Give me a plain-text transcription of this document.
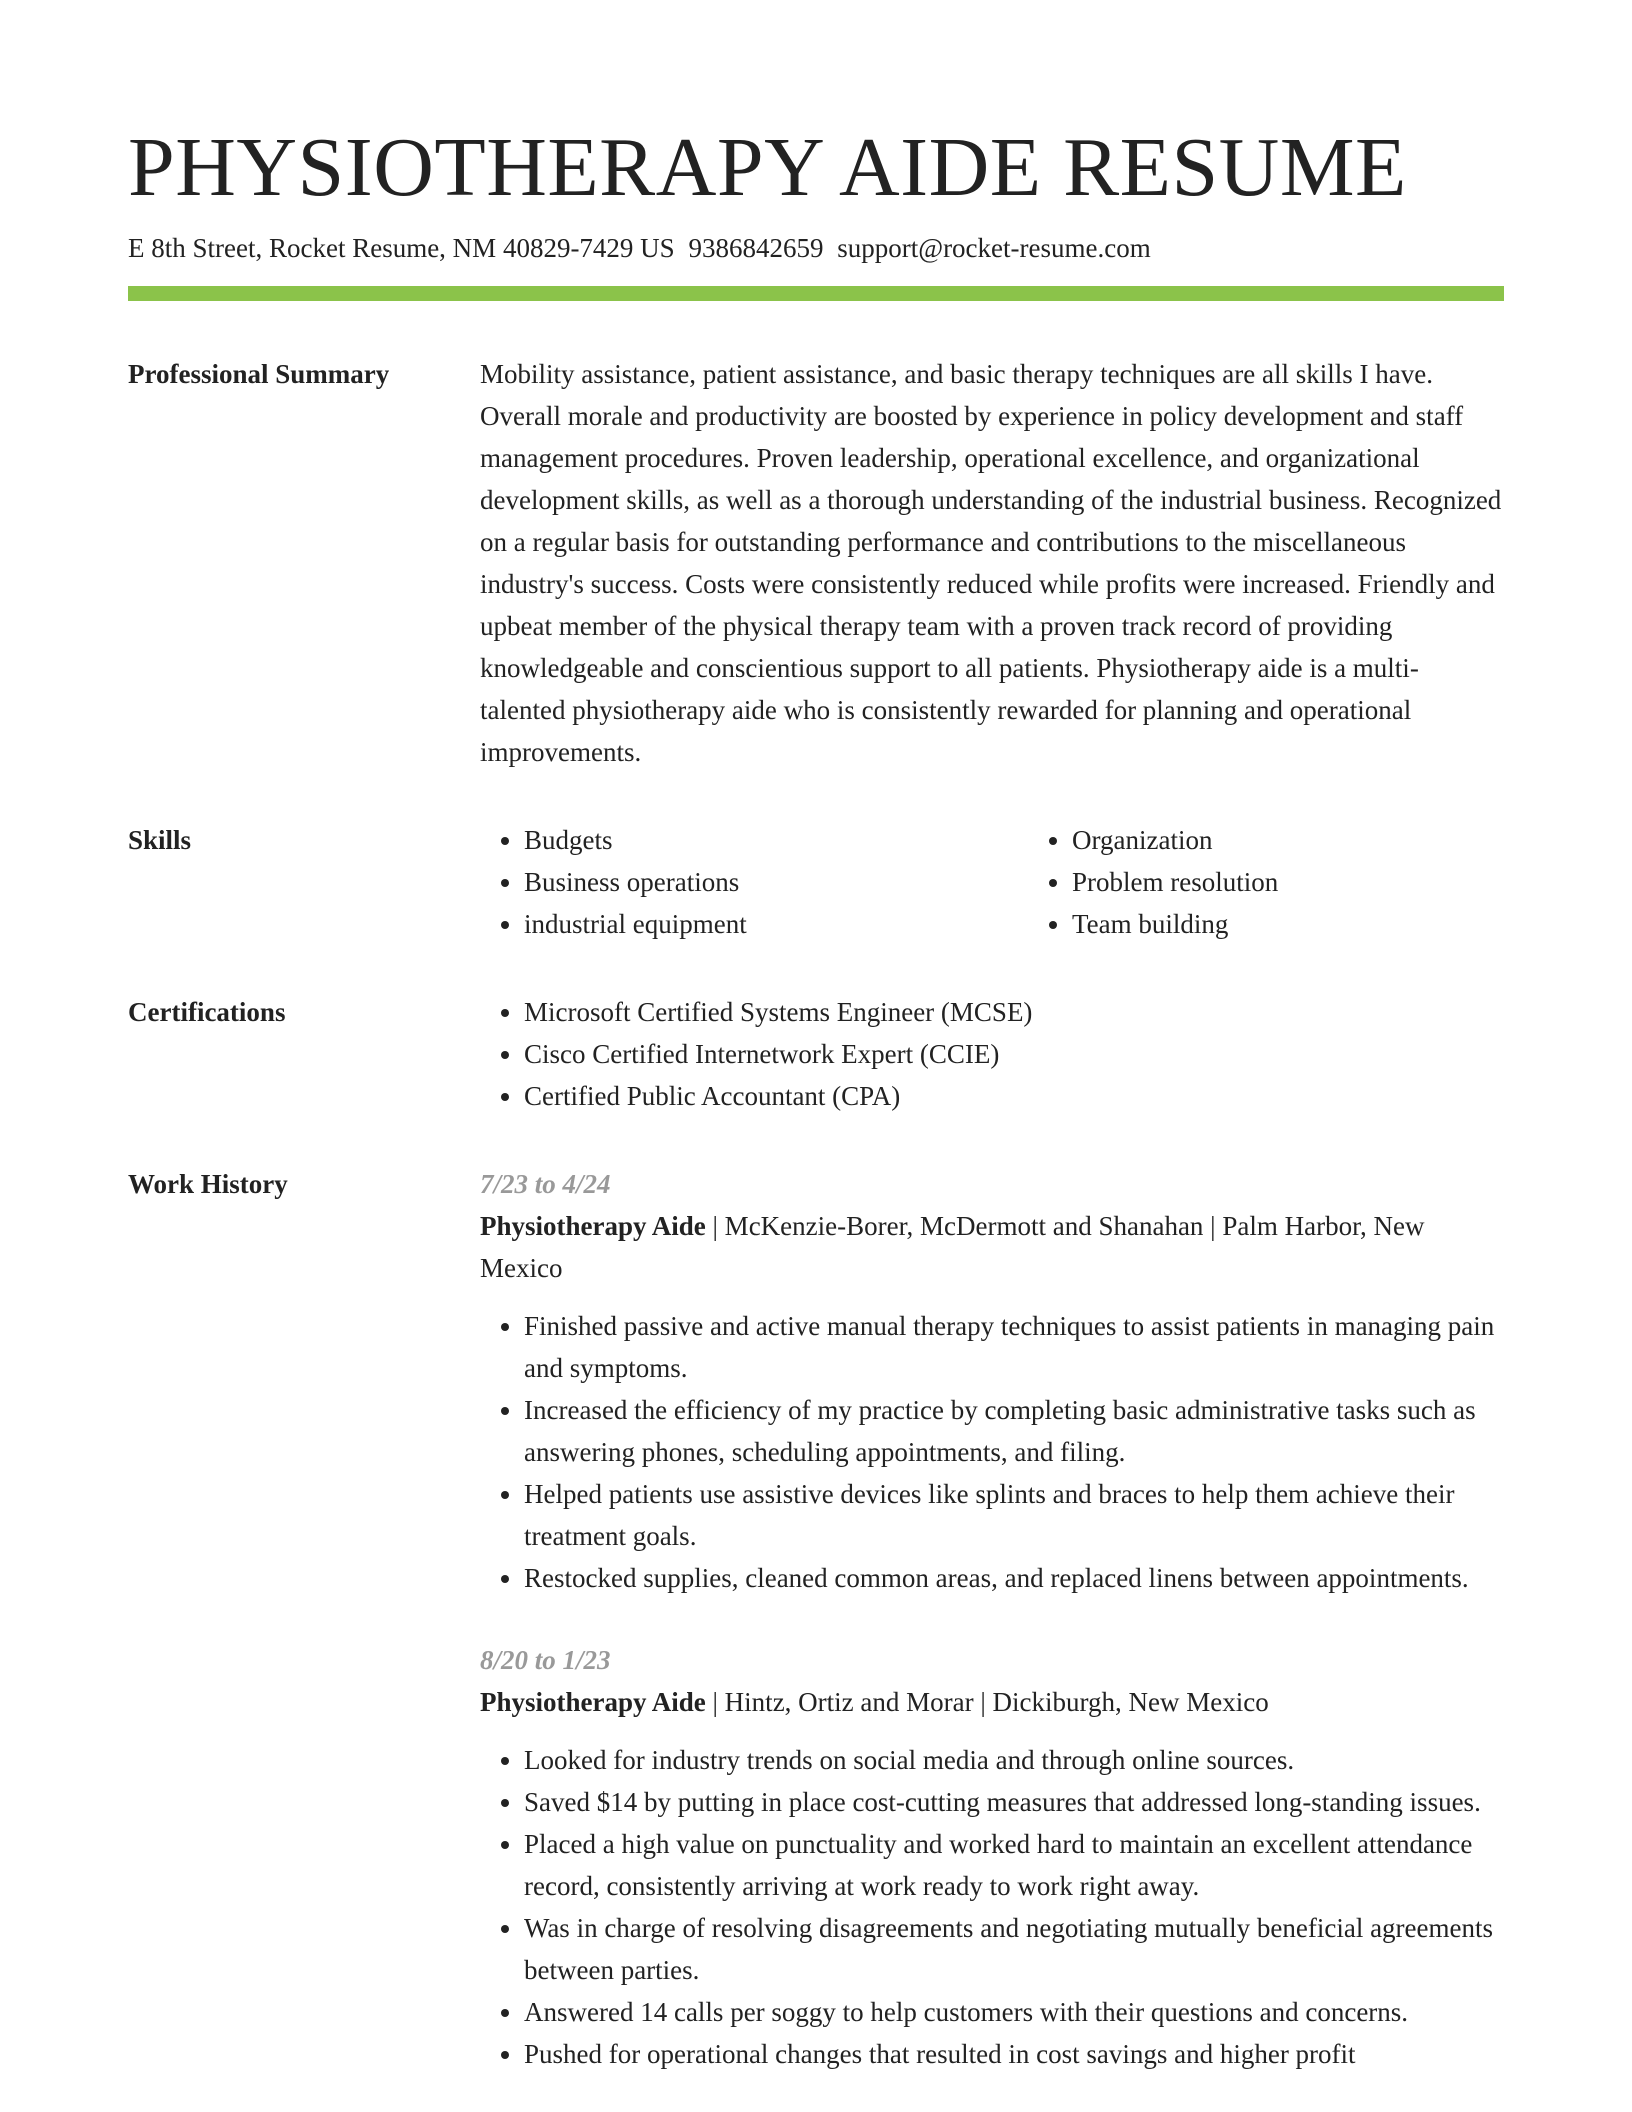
PHYSIOTHERAPY AIDE RESUME
E 8th Street, Rocket Resume, NM 40829-7429 US 9386842659 support@rocket-resume.com
Professional Summary	Mobility assistance, patient assistance, and basic therapy techniques are all skills I have. Overall morale and productivity are boosted by experience in policy development and staff management procedures. Proven leadership, operational excellence, and organizational development skills, as well as a thorough understanding of the industrial business. Recognized on a regular basis for outstanding performance and contributions to the miscellaneous industry's success. Costs were consistently reduced while profits were increased. Friendly and upbeat member of the physical therapy team with a proven track record of providing knowledgeable and conscientious support to all patients. Physiotherapy aide is a multi-talented physiotherapy aide who is consistently rewarded for planning and operational improvements.

Skills	• Budgets
• Business operations
• industrial equipment
• Organization
• Problem resolution
• Team building
Certifications	• Microsoft Certified Systems Engineer (MCSE)
• Cisco Certified Internetwork Expert (CCIE)
• Certified Public Accountant (CPA)
Work History	7/23 to 4/24
Physiotherapy Aide | McKenzie-Borer, McDermott and Shanahan | Palm Harbor, New Mexico
• Finished passive and active manual therapy techniques to assist patients in managing pain and symptoms.
• Increased the efficiency of my practice by completing basic administrative tasks such as answering phones, scheduling appointments, and filing.
• Helped patients use assistive devices like splints and braces to help them achieve their treatment goals.
• Restocked supplies, cleaned common areas, and replaced linens between appointments.
8/20 to 1/23
Physiotherapy Aide | Hintz, Ortiz and Morar | Dickiburgh, New Mexico
• Looked for industry trends on social media and through online sources.
• Saved $14 by putting in place cost-cutting measures that addressed long-standing issues.
• Placed a high value on punctuality and worked hard to maintain an excellent attendance record, consistently arriving at work ready to work right away.
• Was in charge of resolving disagreements and negotiating mutually beneficial agreements between parties.
• Answered 14 calls per soggy to help customers with their questions and concerns.
• Pushed for operational changes that resulted in cost savings and higher profit
